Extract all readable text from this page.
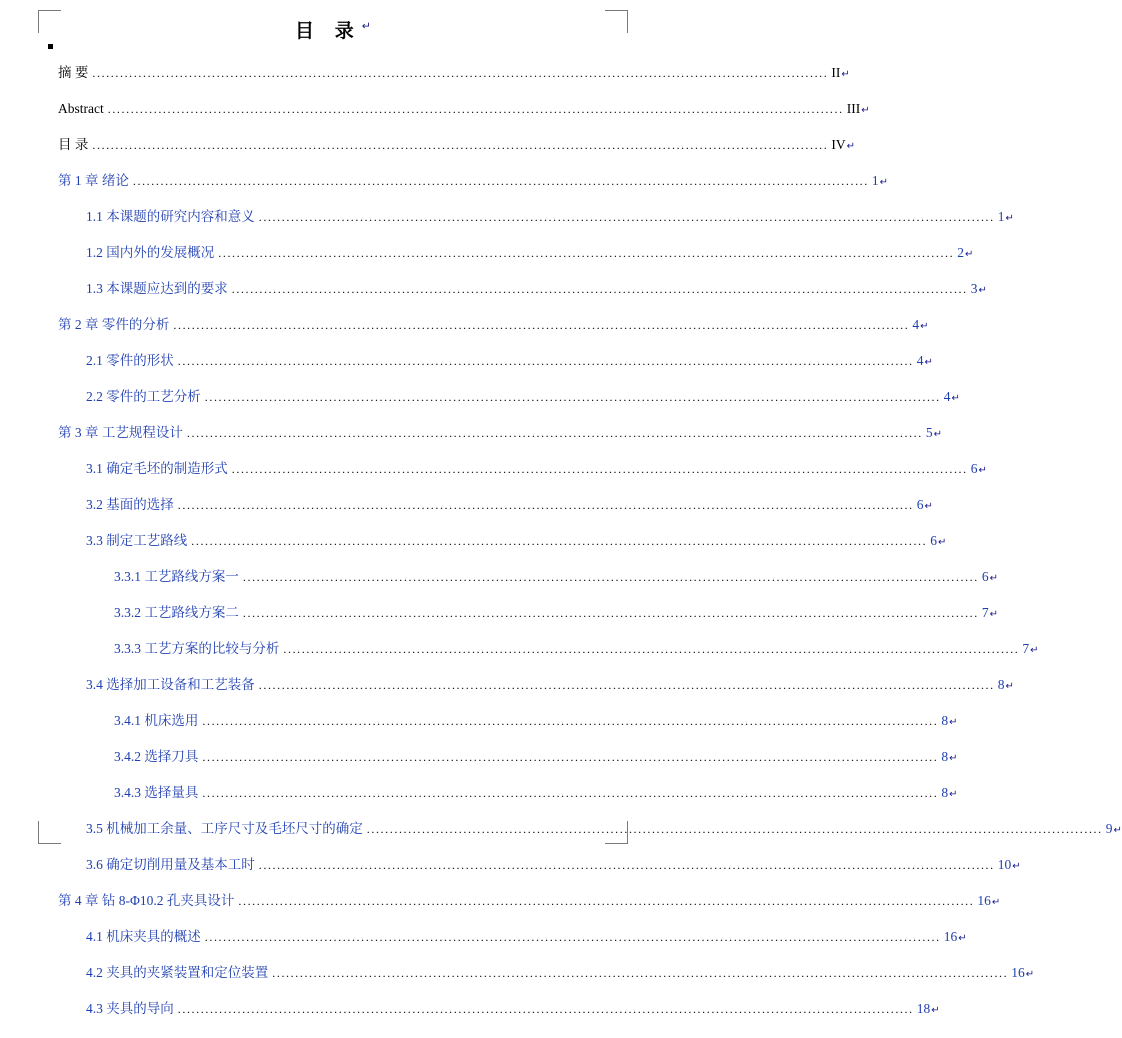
目 录↵
摘 要 .....	II ↵
Abstract .....	III ↵
目 录 .....	IV ↵
第 1 章 绪论 .....	1 ↵
1.1 本课题的研究内容和意义 .....	1 ↵
1.2 国内外的发展概况 .....	2 ↵
1.3 本课题应达到的要求 .....	3 ↵
第 2 章 零件的分析 .....	4 ↵
2.1 零件的形状 .....	4 ↵
2.2 零件的工艺分析 .....	4 ↵
第 3 章 工艺规程设计 .....	5 ↵
3.1 确定毛坯的制造形式 .....	6 ↵
3.2 基面的选择 .....	6 ↵
3.3 制定工艺路线 .....	6 ↵
3.3.1 工艺路线方案一 .....	6 ↵
3.3.2 工艺路线方案二 .....	7 ↵
3.3.3 工艺方案的比较与分析 .....	7 ↵
3.4 选择加工设备和工艺装备 .....	8 ↵
3.4.1 机床选用 .....	8 ↵
3.4.2 选择刀具 .....	8 ↵
3.4.3 选择量具 .....	8 ↵
3.5 机械加工余量、工序尺寸及毛坯尺寸的确定 .....	9 ↵
3.6 确定切削用量及基本工时 .....	10 ↵
第 4 章 钻 8-Φ10.2 孔夹具设计 .....	16 ↵
4.1 机床夹具的概述 .....	16 ↵
4.2 夹具的夹紧装置和定位装置 .....	16 ↵
4.3 夹具的导向 .....	18 ↵
